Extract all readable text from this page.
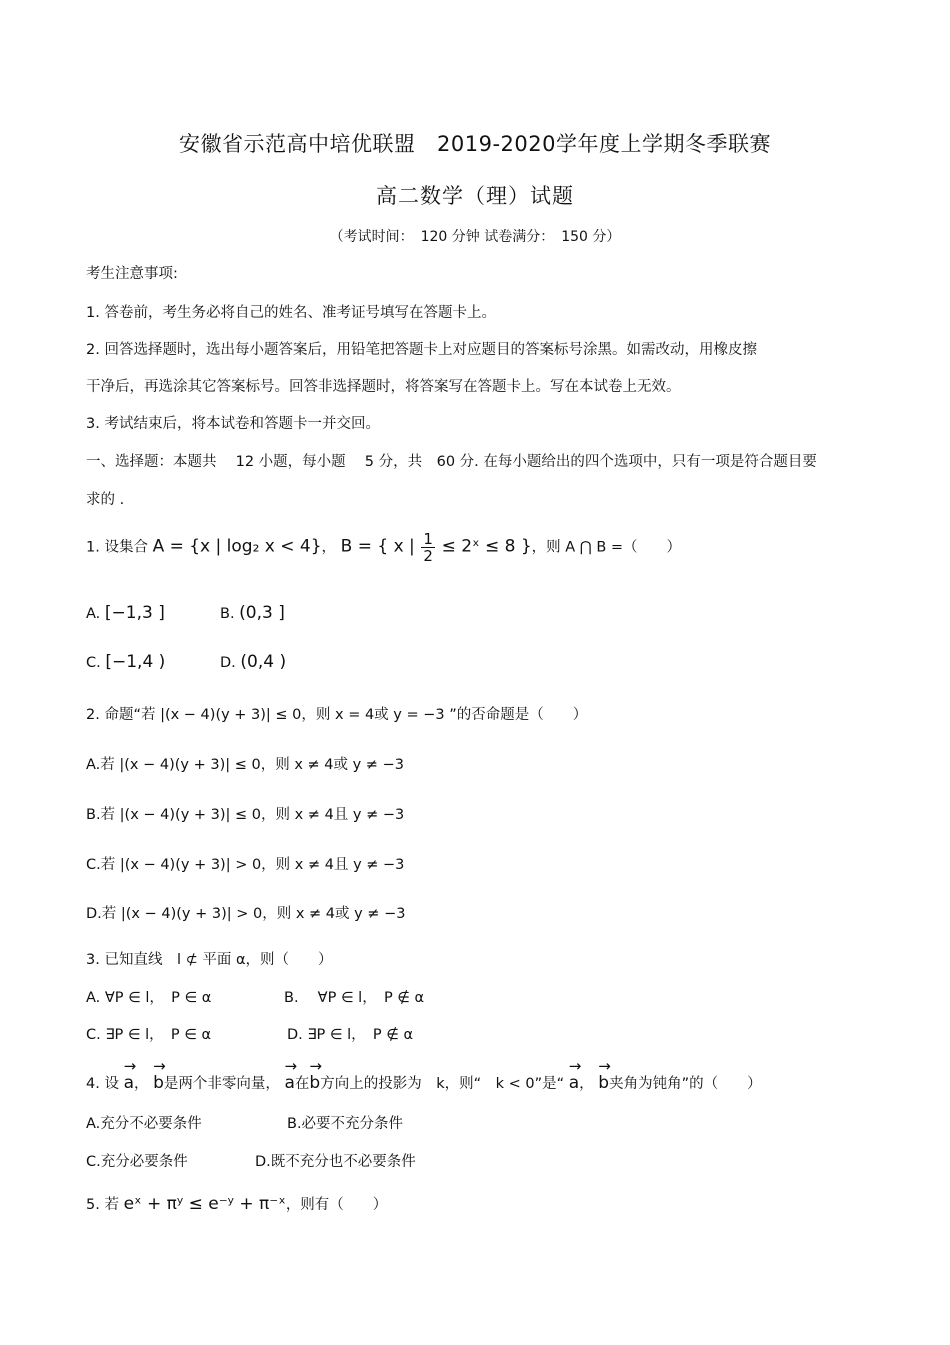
安徽省示范高中培优联盟　2019-2020学年度上学期冬季联赛
高二数学（理）试题
（考试时间：　120 分钟 试卷满分：　150 分）
考生注意事项:
1. 答卷前，考生务必将自己的姓名、准考证号填写在答题卡上。
2. 回答选择题时，选出每小题答案后，用铅笔把答题卡上对应题目的答案标号涂黑。如需改动，用橡皮擦
干净后，再选涂其它答案标号。回答非选择题时，将答案写在答题卡上。写在本试卷上无效。
3. 考试结束后，将本试卷和答题卡一并交回。
一、选择题：本题共　 12 小题，每小题　 5 分，共　60 分. 在每小题给出的四个选项中，只有一项是符合题目要
求的 .
1. 设集合 A = {x | log₂ x < 4}， B = { x | $\frac{1}{2}$ ≤ 2ˣ ≤ 8 }，则 A ⋂ B =（　　）
A. [−1,3 ]	B. (0,3 ]
C. [−1,4 )	D. (0,4 )
2. 命题“若 |(x − 4)(y + 3)| ≤ 0，则 x = 4或 y = −3 ”的否命题是（　　）
A.若 |(x − 4)(y + 3)| ≤ 0，则 x ≠ 4或 y ≠ −3
B.若 |(x − 4)(y + 3)| ≤ 0，则 x ≠ 4且 y ≠ −3
C.若 |(x − 4)(y + 3)| > 0，则 x ≠ 4且 y ≠ −3
D.若 |(x − 4)(y + 3)| > 0，则 x ≠ 4或 y ≠ −3
3. 已知直线　l ⊄ 平面 α，则（　　）
A. ∀P ∈ l，　P ∈ α	B.　 ∀P ∈ l，　P ∉ α
C. ∃P ∈ l，　P ∈ α	D. ∃P ∈ l，　P ∉ α
4. 设 → a， → b是两个非零向量， → a在→ b方向上的投影为　k，则“　k < 0”是“ → a， → b夹角为钝角”的（　　）
A.充分不必要条件	B.必要不充分条件
C.充分必要条件	D.既不充分也不必要条件
5. 若 eˣ + πʸ ≤ e⁻ʸ + π⁻ˣ，则有（　　）
